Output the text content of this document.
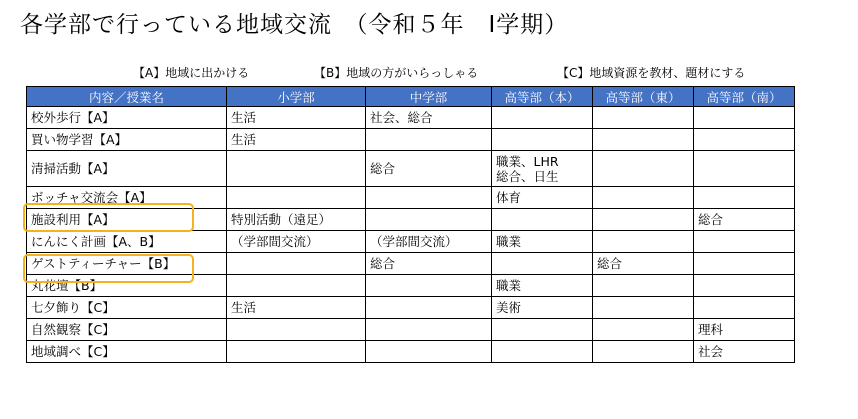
各学部で行っている地域交流　（令和５年　Ⅰ学期）
【A】地域に出かける	【B】地域の方がいらっしゃる	【C】地域資源を教材、題材にする
内容／授業名	小学部	中学部	高等部（本）	高等部（東）	高等部（南）
校外歩行【A】	生活	社会、総合			
買い物学習【A】	生活				
清掃活動【A】		総合	職業、LHR
総合、日生		

ボッチャ交流会【A】			体育		
施設利用【A】	特別活動（遠足）				総合
にんにく計画【A、B】	（学部間交流）	（学部間交流）	職業		
ゲストティーチャー【B】		総合		総合	
丸花壇【B】			職業		
七夕飾り【C】	生活		美術		
自然観察【C】					理科
地域調べ【C】					社会
